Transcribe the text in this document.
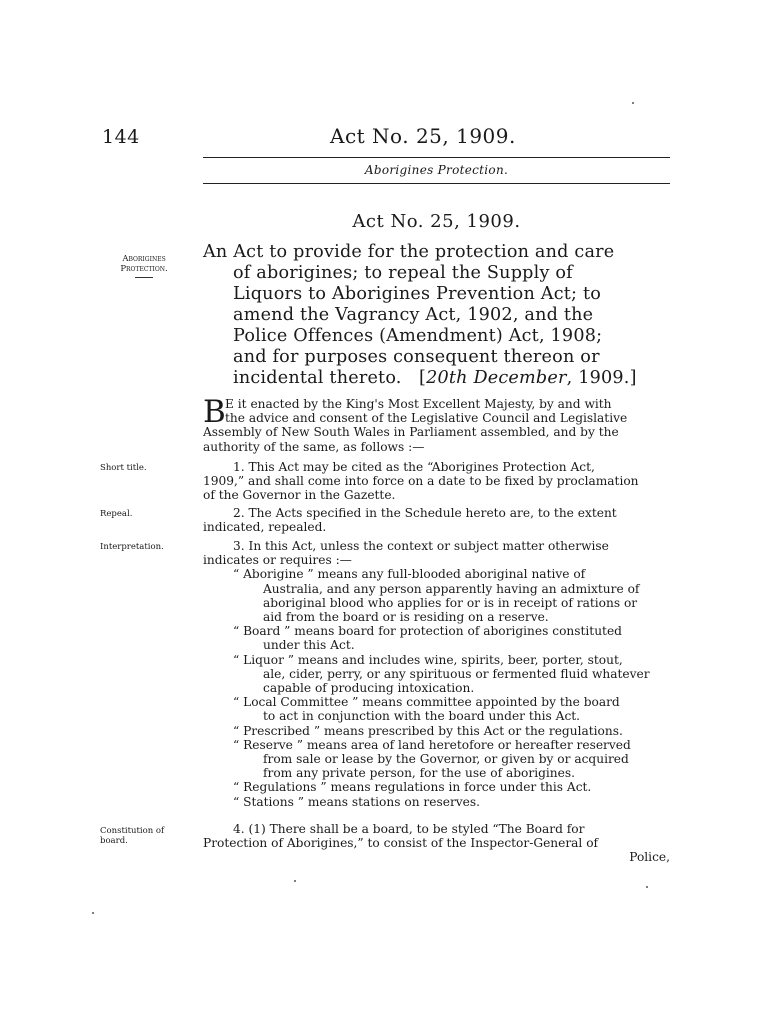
144	Act No. 25, 1909.
Aborigines Protection.
Act No. 25, 1909.
Aborigines
Protection.
An Act to provide for the protection and care
of aborigines; to repeal the Supply of
Liquors to Aborigines Prevention Act; to
amend the Vagrancy Act, 1902, and the
Police Offences (Amendment) Act, 1908;
and for purposes consequent thereon or
incidental thereto. [20th December, 1909.]
B E it enacted by the King's Most Excellent Majesty, by and with
the advice and consent of the Legislative Council and Legislative
Assembly of New South Wales in Parliament assembled, and by the
authority of the same, as follows :—
Short title.	1. This Act may be cited as the “Aborigines Protection Act,
1909,” and shall come into force on a date to be fixed by proclamation
of the Governor in the Gazette.
Repeal.	2. The Acts specified in the Schedule hereto are, to the extent
indicated, repealed.
Interpretation.	3. In this Act, unless the context or subject matter otherwise
indicates or requires :—
“ Aborigine ” means any full-blooded aboriginal native of
Australia, and any person apparently having an admixture of
aboriginal blood who applies for or is in receipt of rations or
aid from the board or is residing on a reserve.
“ Board ” means board for protection of aborigines constituted
under this Act.
“ Liquor ” means and includes wine, spirits, beer, porter, stout,
ale, cider, perry, or any spirituous or fermented fluid whatever
capable of producing intoxication.
“ Local Committee ” means committee appointed by the board
to act in conjunction with the board under this Act.
“ Prescribed ” means prescribed by this Act or the regulations.
“ Reserve ” means area of land heretofore or hereafter reserved
from sale or lease by the Governor, or given by or acquired
from any private person, for the use of aborigines.
“ Regulations ” means regulations in force under this Act.
“ Stations ” means stations on reserves.
Constitution of
board.
4. (1) There shall be a board, to be styled “The Board for
Protection of Aborigines,” to consist of the Inspector-General of
Police,
